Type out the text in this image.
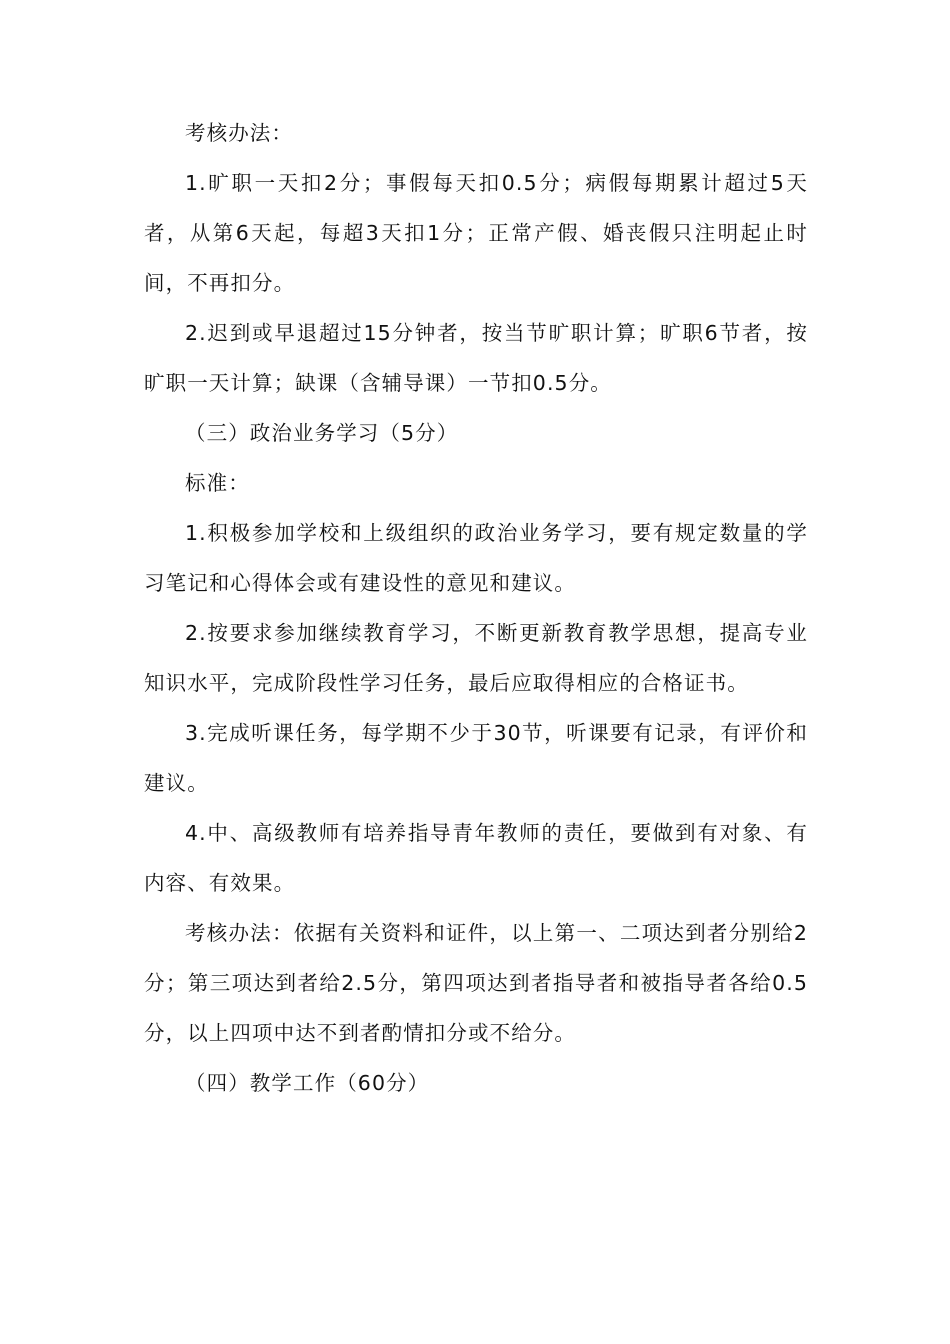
考核办法：

1.旷职一天扣2分；事假每天扣0.5分；病假每期累计超过5天者，从第6天起，每超3天扣1分；正常产假、婚丧假只注明起止时间，不再扣分。

2.迟到或早退超过15分钟者，按当节旷职计算；旷职6节者，按旷职一天计算；缺课（含辅导课）一节扣0.5分。

（三）政治业务学习（5分）

标准：

1.积极参加学校和上级组织的政治业务学习，要有规定数量的学习笔记和心得体会或有建设性的意见和建议。

2.按要求参加继续教育学习，不断更新教育教学思想，提高专业知识水平，完成阶段性学习任务，最后应取得相应的合格证书。

3.完成听课任务，每学期不少于30节，听课要有记录，有评价和建议。

4.中、高级教师有培养指导青年教师的责任，要做到有对象、有内容、有效果。

考核办法：依据有关资料和证件，以上第一、二项达到者分别给2分；第三项达到者给2.5分，第四项达到者指导者和被指导者各给0.5分，以上四项中达不到者酌情扣分或不给分。

（四）教学工作（60分）
